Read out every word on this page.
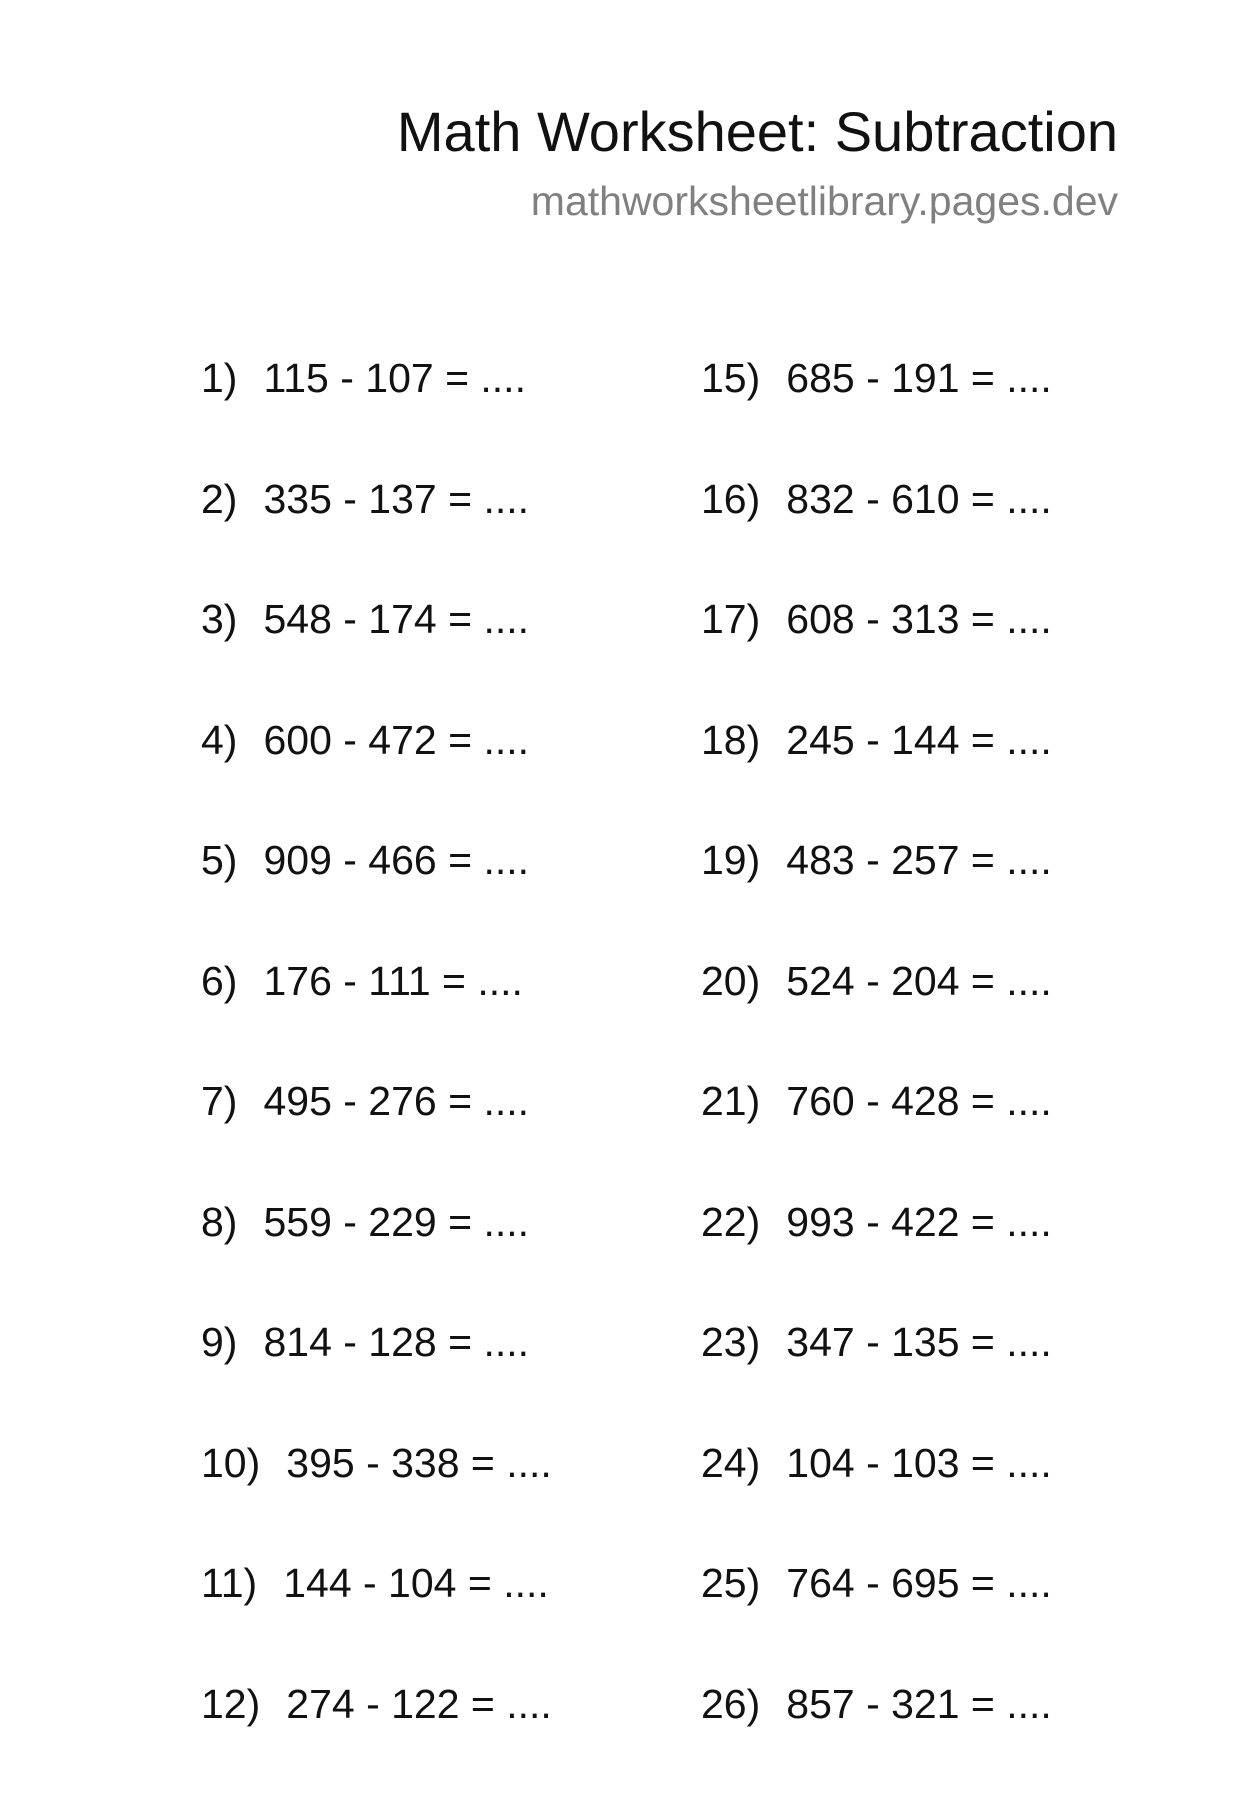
Math Worksheet: Subtraction
mathworksheetlibrary.pages.dev
1) 115 - 107 = ....
2) 335 - 137 = ....
3) 548 - 174 = ....
4) 600 - 472 = ....
5) 909 - 466 = ....
6) 176 - 111 = ....
7) 495 - 276 = ....
8) 559 - 229 = ....
9) 814 - 128 = ....
10) 395 - 338 = ....
11) 144 - 104 = ....
12) 274 - 122 = ....
15) 685 - 191 = ....
16) 832 - 610 = ....
17) 608 - 313 = ....
18) 245 - 144 = ....
19) 483 - 257 = ....
20) 524 - 204 = ....
21) 760 - 428 = ....
22) 993 - 422 = ....
23) 347 - 135 = ....
24) 104 - 103 = ....
25) 764 - 695 = ....
26) 857 - 321 = ....
